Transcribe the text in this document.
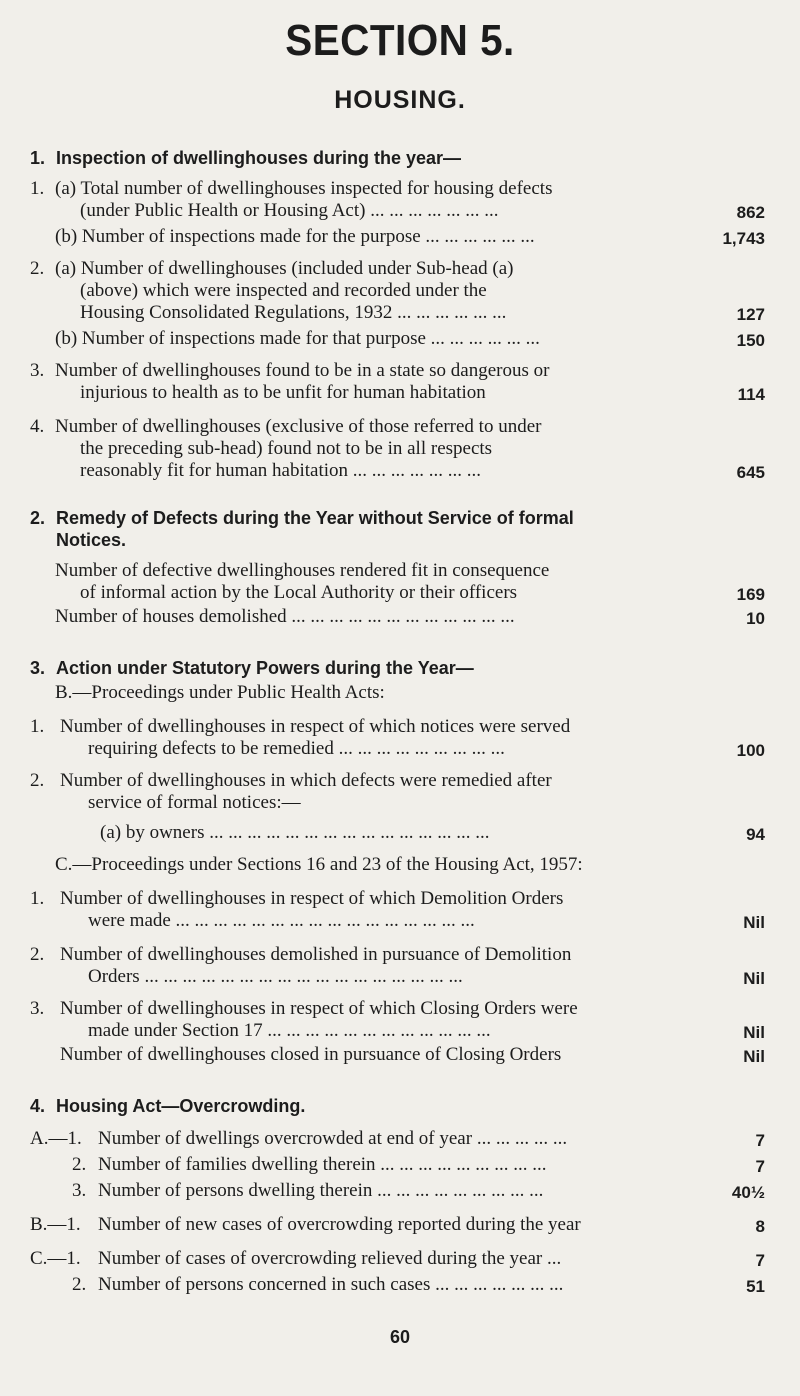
SECTION 5.
HOUSING.
1. Inspection of dwellinghouses during the year—
1. (a) Total number of dwellinghouses inspected for housing defects
(under Public Health or Housing Act) ... ... ... ... ... ... ...	862
(b) Number of inspections made for the purpose ... ... ... ... ... ...	1,743
2. (a) Number of dwellinghouses (included under Sub-head (a)
(above) which were inspected and recorded under the
Housing Consolidated Regulations, 1932 ... ... ... ... ... ...	127
(b) Number of inspections made for that purpose ... ... ... ... ... ...	150
3. Number of dwellinghouses found to be in a state so dangerous or
injurious to health as to be unfit for human habitation	114
4. Number of dwellinghouses (exclusive of those referred to under
the preceding sub-head) found not to be in all respects
reasonably fit for human habitation ... ... ... ... ... ... ...	645
2. Remedy of Defects during the Year without Service of formal
Notices.
Number of defective dwellinghouses rendered fit in consequence
of informal action by the Local Authority or their officers	169
Number of houses demolished ... ... ... ... ... ... ... ... ... ... ... ...	10
3. Action under Statutory Powers during the Year—
B.—Proceedings under Public Health Acts:
1. Number of dwellinghouses in respect of which notices were served
requiring defects to be remedied ... ... ... ... ... ... ... ... ...	100
2. Number of dwellinghouses in which defects were remedied after
service of formal notices:—
(a) by owners ... ... ... ... ... ... ... ... ... ... ... ... ... ... ...	94
C.—Proceedings under Sections 16 and 23 of the Housing Act, 1957:
1. Number of dwellinghouses in respect of which Demolition Orders
were made ... ... ... ... ... ... ... ... ... ... ... ... ... ... ... ...	Nil
2. Number of dwellinghouses demolished in pursuance of Demolition
Orders ... ... ... ... ... ... ... ... ... ... ... ... ... ... ... ... ...	Nil
3. Number of dwellinghouses in respect of which Closing Orders were
made under Section 17 ... ... ... ... ... ... ... ... ... ... ... ...	Nil
Number of dwellinghouses closed in pursuance of Closing Orders	Nil
4. Housing Act—Overcrowding.
A.—1. Number of dwellings overcrowded at end of year ... ... ... ... ...	7
2. Number of families dwelling therein ... ... ... ... ... ... ... ... ...	7
3. Number of persons dwelling therein ... ... ... ... ... ... ... ... ...	40½
B.—1. Number of new cases of overcrowding reported during the year	8
C.—1. Number of cases of overcrowding relieved during the year ...	7
2. Number of persons concerned in such cases ... ... ... ... ... ... ...	51
60
